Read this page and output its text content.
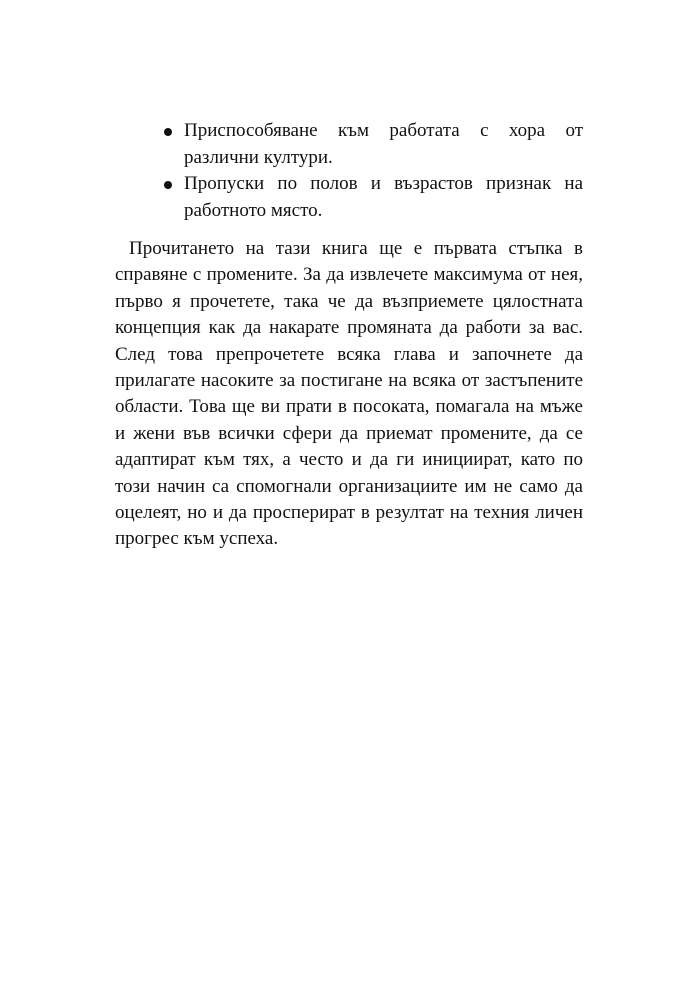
Приспособяване към работата с хора от различни култури.
Пропуски по полов и възрастов признак на работното място.

Прочитането на тази книга ще е първата стъпка в справяне с промените. За да извлечете максимума от нея, първо я прочетете, така че да възприемете цялостната концепция как да накарате промяната да работи за вас. След това препрочетете всяка глава и започнете да прилагате насоките за постигане на всяка от застъпените области. Това ще ви прати в посоката, помагала на мъже и жени във всички сфери да приемат промените, да се адаптират към тях, а често и да ги инициират, като по този начин са спомогнали организациите им не само да оцелеят, но и да просперират в резултат на техния личен прогрес към успеха.
